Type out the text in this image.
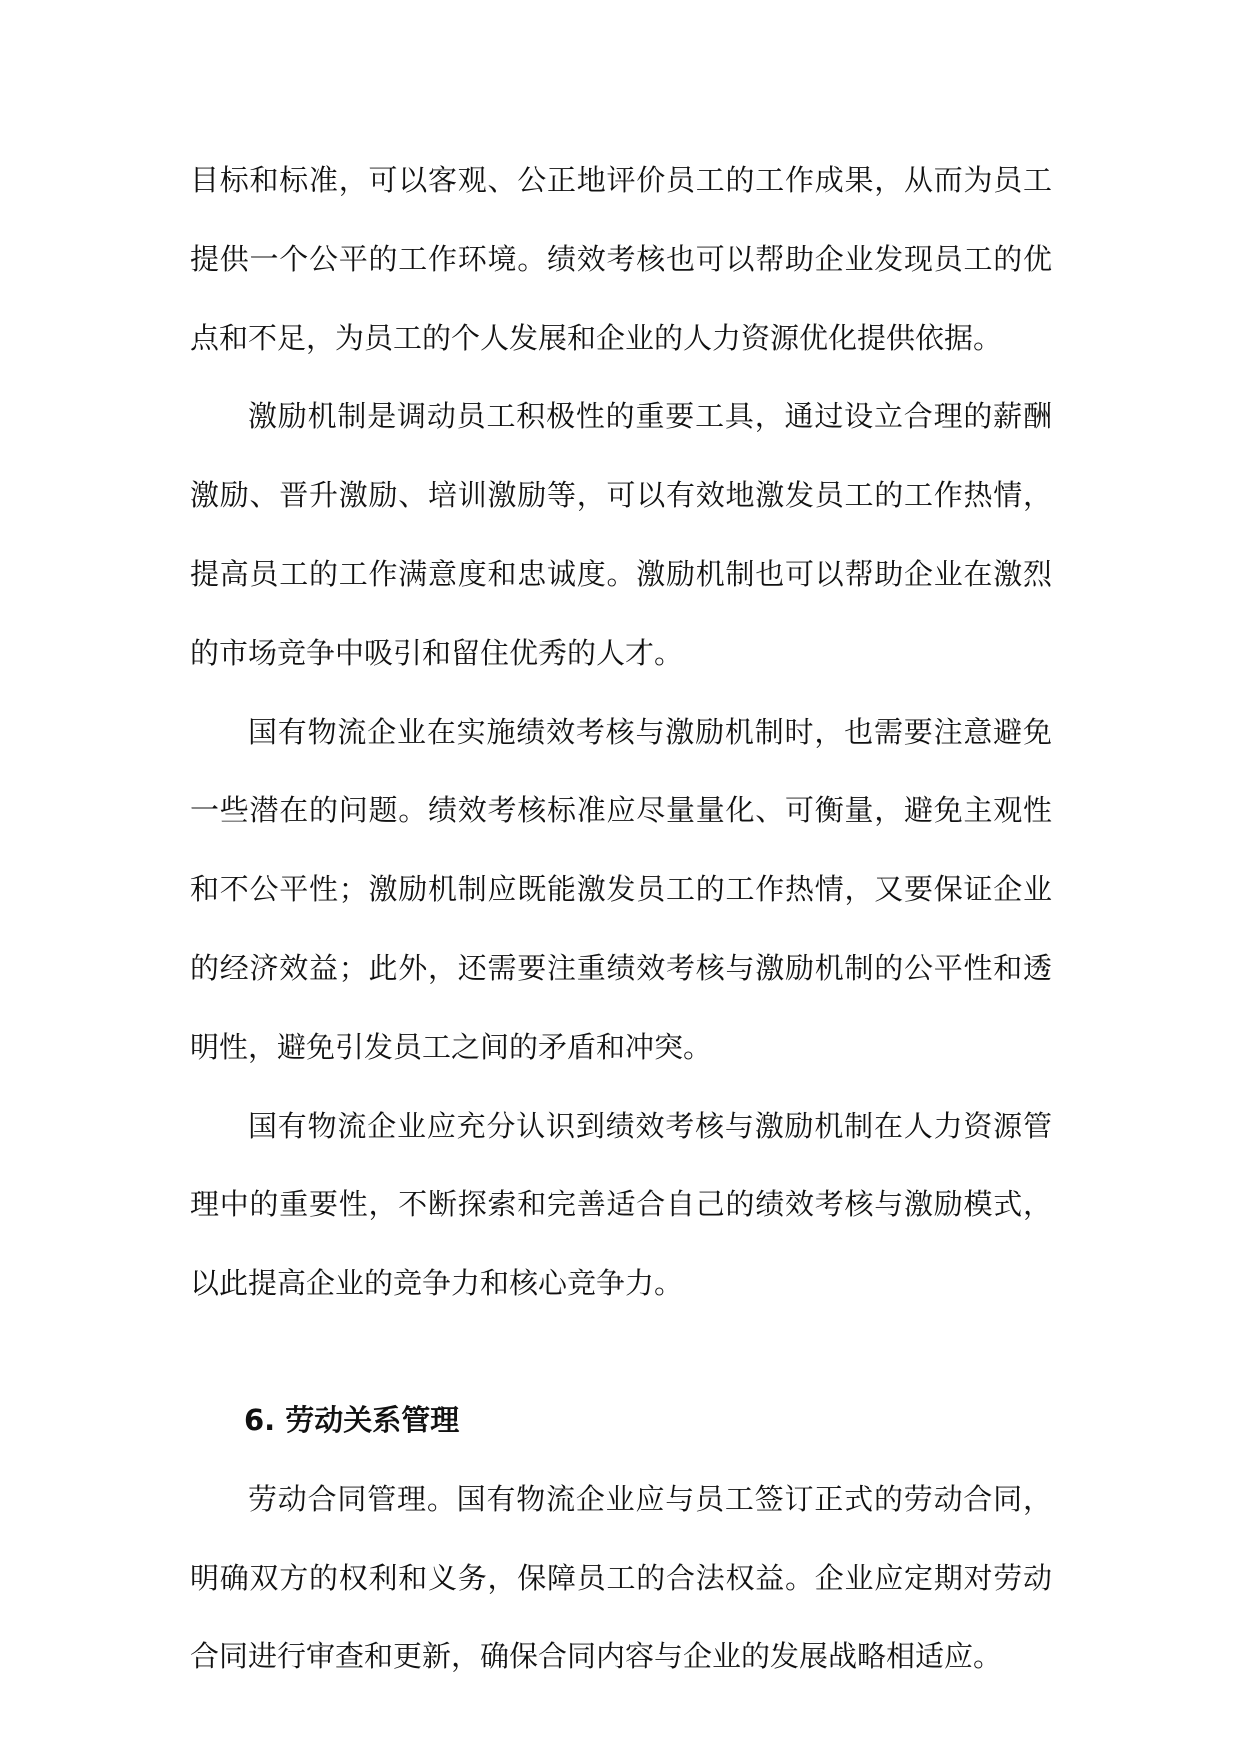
目标和标准，可以客观、公正地评价员工的工作成果，从而为员工提供一个公平的工作环境。绩效考核也可以帮助企业发现员工的优点和不足，为员工的个人发展和企业的人力资源优化提供依据。

激励机制是调动员工积极性的重要工具，通过设立合理的薪酬激励、晋升激励、培训激励等，可以有效地激发员工的工作热情，提高员工的工作满意度和忠诚度。激励机制也可以帮助企业在激烈的市场竞争中吸引和留住优秀的人才。

国有物流企业在实施绩效考核与激励机制时，也需要注意避免一些潜在的问题。绩效考核标准应尽量量化、可衡量，避免主观性和不公平性；激励机制应既能激发员工的工作热情，又要保证企业的经济效益；此外，还需要注重绩效考核与激励机制的公平性和透明性，避免引发员工之间的矛盾和冲突。

国有物流企业应充分认识到绩效考核与激励机制在人力资源管理中的重要性，不断探索和完善适合自己的绩效考核与激励模式，以此提高企业的竞争力和核心竞争力。

6. 劳动关系管理

劳动合同管理。国有物流企业应与员工签订正式的劳动合同，明确双方的权利和义务，保障员工的合法权益。企业应定期对劳动合同进行审查和更新，确保合同内容与企业的发展战略相适应。
